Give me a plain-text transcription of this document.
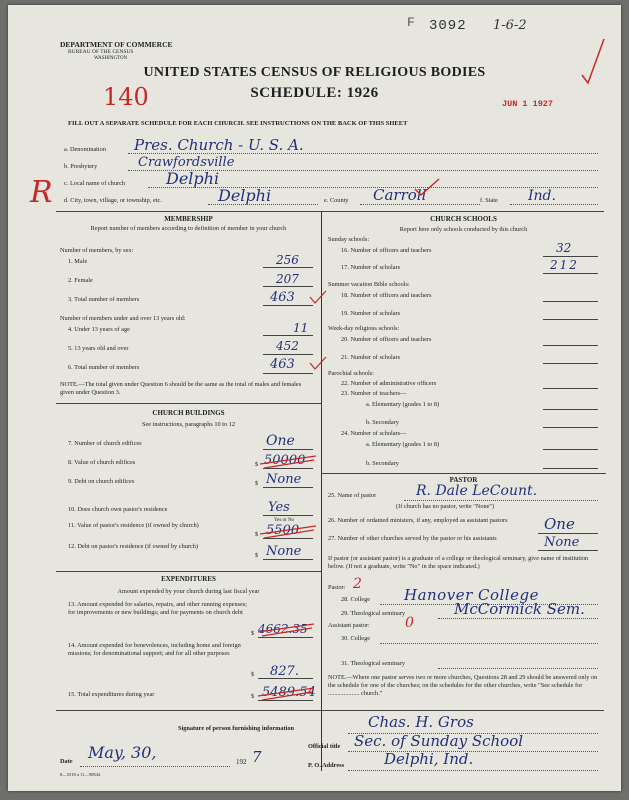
F 3092 1-6-2
DEPARTMENT OF COMMERCE
BUREAU OF THE CENSUS
WASHINGTON
UNITED STATES CENSUS OF RELIGIOUS BODIES
SCHEDULE: 1926
140	JUN 1 1927
FILL OUT A SEPARATE SCHEDULE FOR EACH CHURCH. SEE INSTRUCTIONS ON THE BACK OF THIS SHEET
a. Denomination Pres. Church - U. S. A.
b. Presbytery	Crawfordsville
c. Local name of church	Delphi
d. City, town, village, or township, etc.	Delphi	e. County Carroll	f. State Ind.
R
MEMBERSHIP
Report number of members according to definition of member in your church
Number of members, by sex:
1. Male	256
2. Female	207
3. Total number of members	463
Number of members under and over 13 years old:
4. Under 13 years of age	11
5. 13 years old and over	452
6. Total number of members	463
NOTE.—The total given under Question 6 should be the same as the total of males and females given under Question 3.
CHURCH BUILDINGS
See instructions, paragraphs 10 to 12
7. Number of church edifices	One
8. Value of church edifices	$ 50000
9. Debt on church edifices	$ None
10. Does church own pastor's residence	Yes
Yes or No
11. Value of pastor's residence (if owned by church)
$ 5500
12. Debt on pastor's residence (if owned by church)
$ None
EXPENDITURES
Amount expended by your church during last fiscal year
13. Amount expended for salaries, repairs, and other running expenses; for improvements or new buildings; and for payments on church debt
$ 4662.35
14. Amount expended for benevolences, including home and foreign missions; for denominational support; and for all other purposes
$ 827.
15. Total expenditures during year	$ 5489.54
CHURCH SCHOOLS
Report here only schools conducted by this church
Sunday schools:
16. Number of officers and teachers	32
17. Number of scholars	212
Summer vacation Bible schools:
18. Number of officers and teachers
19. Number of scholars
Week-day religious schools:
20. Number of officers and teachers
21. Number of scholars
Parochial schools:
22. Number of administrative officers
23. Number of teachers—
a. Elementary (grades 1 to 8)
b. Secondary
24. Number of scholars—
a. Elementary (grades 1 to 8)
b. Secondary
PASTOR
25. Name of pastor	R. Dale LeCount.
(If church has no pastor, write "None")
26. Number of ordained ministers, if any, employed as assistant pastors	One
27. Number of other churches served by the pastor or his assistants	None
If pastor (or assistant pastor) is a graduate of a college or theological seminary, give name of institution below. (If not a graduate, write "No" in the space indicated.)
Pastor: 2
28. College Hanover College
29. Theological seminary	McCormick Sem.
Assistant pastor:	0
30. College
31. Theological seminary
NOTE.—Where one pastor serves two or more churches, Questions 28 and 29 should be answered only on the schedule for one of the churches; on the schedules for the other churches, write "See schedule for .................... church."
Signature of person furnishing information	Chas. H. Gros
Official title Sec. of Sunday School
Date May, 30,	192 7
8—5518 a 11—90844
P. O. Address	Delphi, Ind.
